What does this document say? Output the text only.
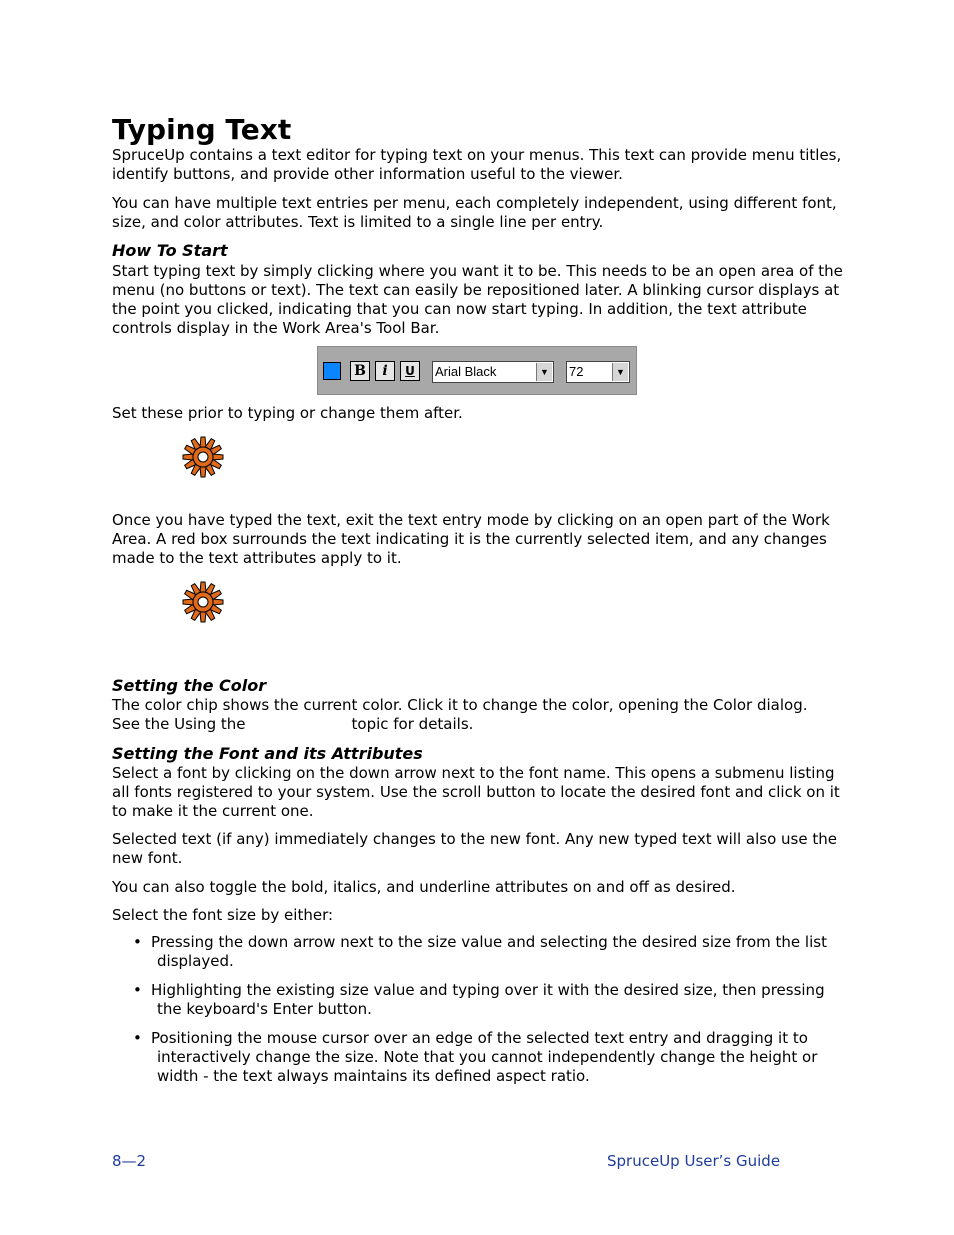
Typing Text

SpruceUp contains a text editor for typing text on your menus. This text can provide menu titles, identify buttons, and provide other information useful to the viewer.

You can have multiple text entries per menu, each completely independent, using different font, size, and color attributes. Text is limited to a single line per entry.

How To Start

Start typing text by simply clicking where you want it to be. This needs to be an open area of the menu (no buttons or text). The text can easily be repositioned later. A blinking cursor displays at the point you clicked, indicating that you can now start typing. In addition, the text attribute controls display in the Work Area's Tool Bar.

B	i	U	Arial Black	▼ 72	▼

Set these prior to typing or change them after.

Once you have typed the text, exit the text entry mode by clicking on an open part of the Work Area. A red box surrounds the text indicating it is the currently selected item, and any changes made to the text attributes apply to it.

Setting the Color

The color chip shows the current color. Click it to change the color, opening the Color dialog.

See the Using the	topic for details.

Setting the Font and its Attributes

Select a font by clicking on the down arrow next to the font name. This opens a submenu listing all fonts registered to your system. Use the scroll button to locate the desired font and click on it to make it the current one.

Selected text (if any) immediately changes to the new font. Any new typed text will also use the new font.

You can also toggle the bold, italics, and underline attributes on and off as desired.

Select the font size by either:

• Pressing the down arrow next to the size value and selecting the desired size from the list displayed.
• Highlighting the existing size value and typing over it with the desired size, then pressing the keyboard's Enter button.
• Positioning the mouse cursor over an edge of the selected text entry and dragging it to interactively change the size. Note that you cannot independently change the height or width - the text always maintains its defined aspect ratio.
8—2	SpruceUp User’s Guide
